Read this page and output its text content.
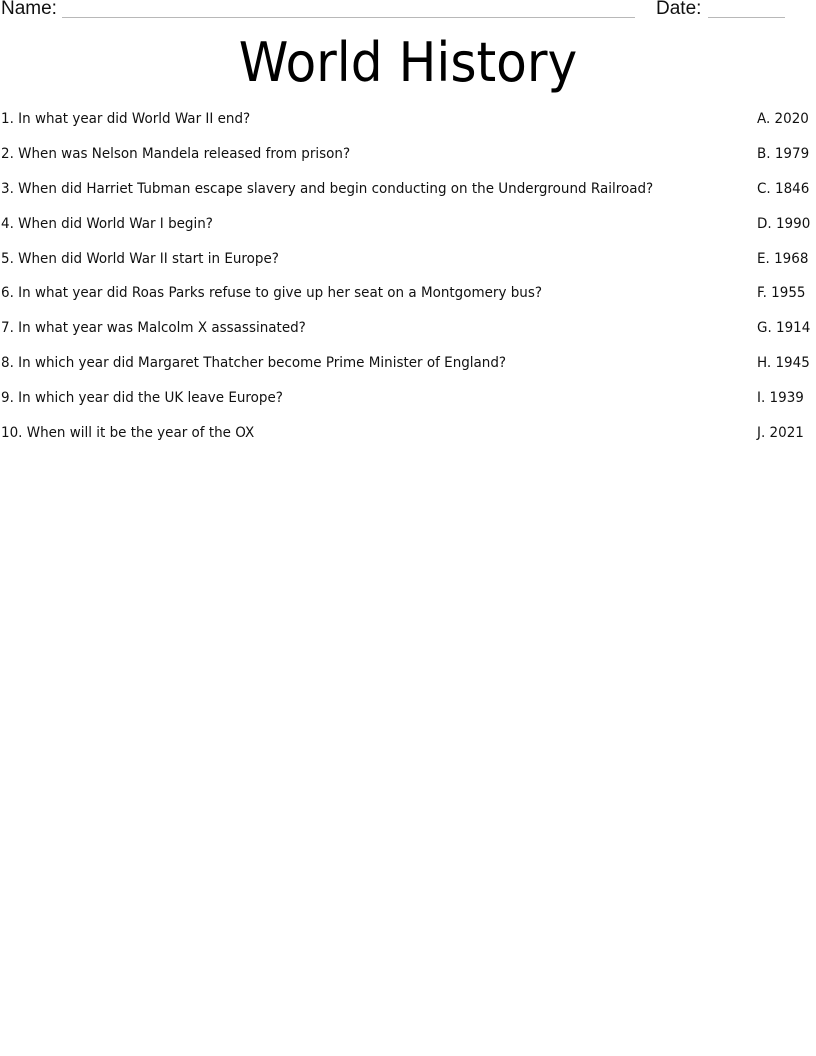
Name:	Date:
World History
1. In what year did World War II end?	A. 2020
2. When was Nelson Mandela released from prison?	B. 1979
3. When did Harriet Tubman escape slavery and begin conducting on the Underground Railroad?	C. 1846
4. When did World War I begin?	D. 1990
5. When did World War II start in Europe?	E. 1968
6. In what year did Roas Parks refuse to give up her seat on a Montgomery bus?	F. 1955
7. In what year was Malcolm X assassinated?	G. 1914
8. In which year did Margaret Thatcher become Prime Minister of England?	H. 1945
9. In which year did the UK leave Europe?	I. 1939
10. When will it be the year of the OX	J. 2021
